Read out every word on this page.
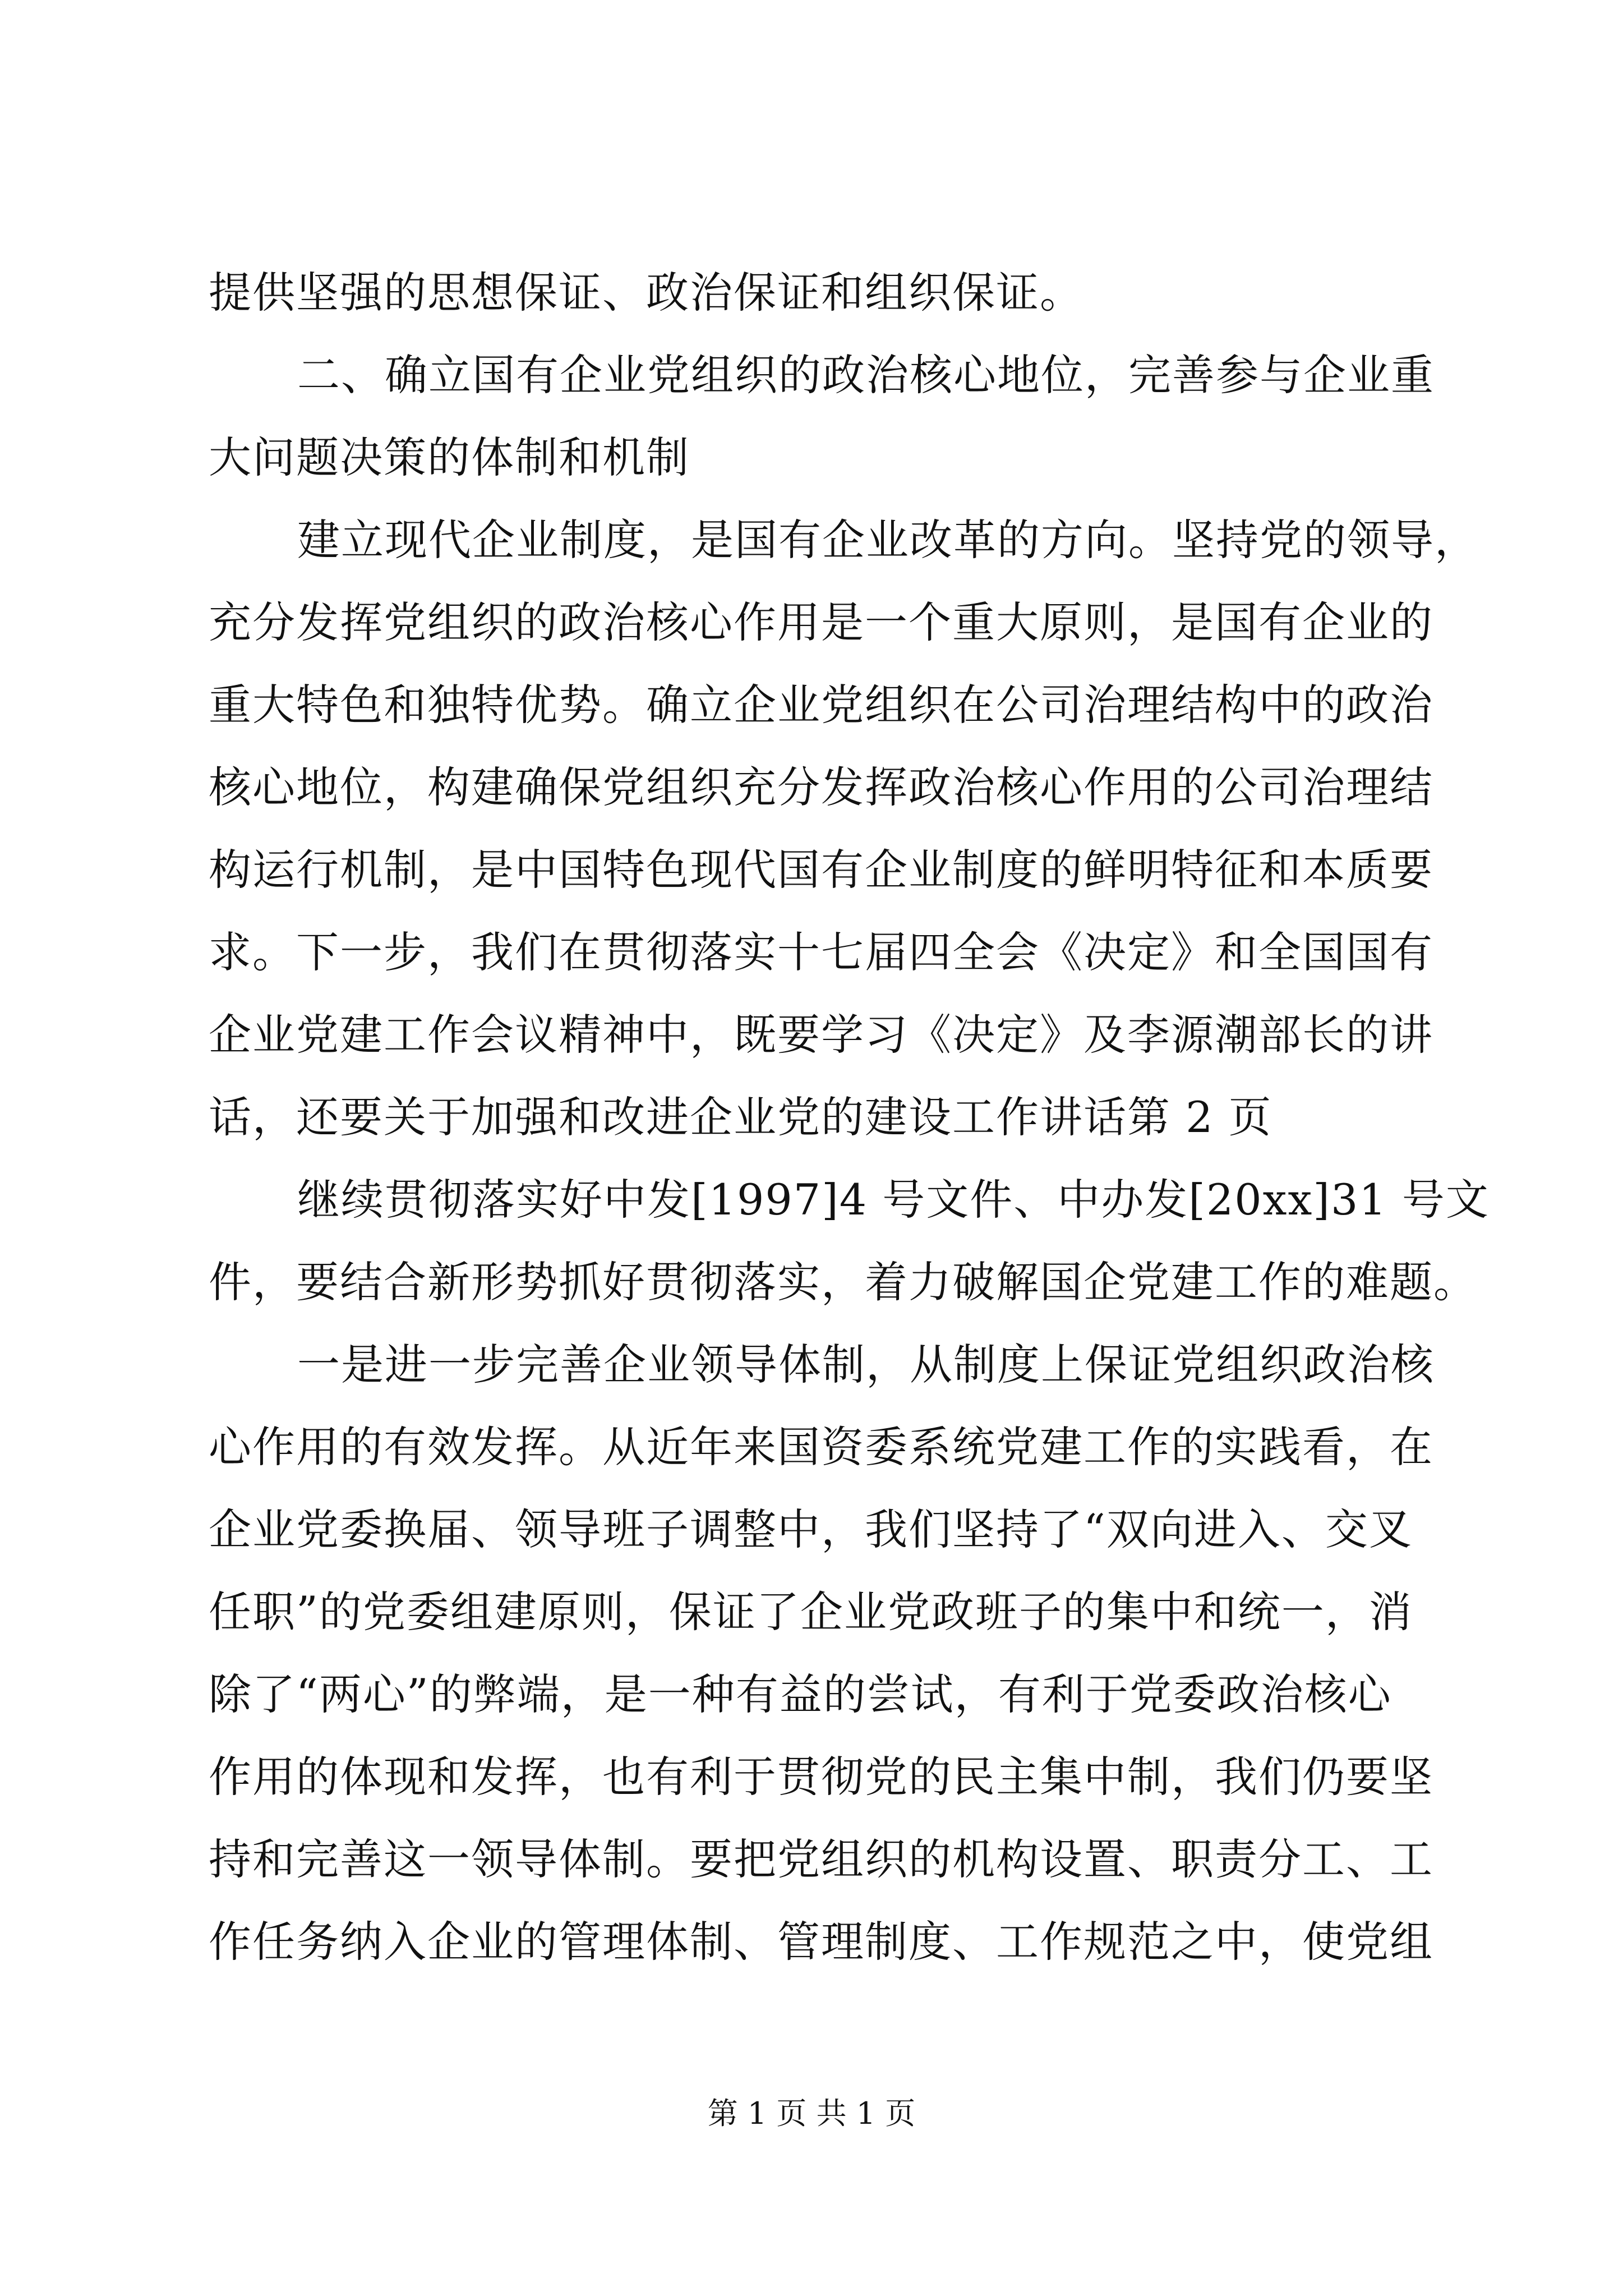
提供坚强的思想保证、政治保证和组织保证。
二、确立国有企业党组织的政治核心地位，完善参与企业重
大问题决策的体制和机制
建立现代企业制度，是国有企业改革的方向。坚持党的领导，
充分发挥党组织的政治核心作用是一个重大原则，是国有企业的
重大特色和独特优势。确立企业党组织在公司治理结构中的政治
核心地位，构建确保党组织充分发挥政治核心作用的公司治理结
构运行机制，是中国特色现代国有企业制度的鲜明特征和本质要
求。下一步，我们在贯彻落实十七届四全会《决定》和全国国有
企业党建工作会议精神中，既要学习《决定》及李源潮部长的讲
话，还要关于加强和改进企业党的建设工作讲话第 2 页
继续贯彻落实好中发[1997]4 号文件、中办发[20xx]31 号文
件，要结合新形势抓好贯彻落实，着力破解国企党建工作的难题。
一是进一步完善企业领导体制，从制度上保证党组织政治核
心作用的有效发挥。从近年来国资委系统党建工作的实践看，在
企业党委换届、领导班子调整中，我们坚持了“双向进入、交叉
任职”的党委组建原则，保证了企业党政班子的集中和统一，消
除了“两心”的弊端，是一种有益的尝试，有利于党委政治核心
作用的体现和发挥，也有利于贯彻党的民主集中制，我们仍要坚
持和完善这一领导体制。要把党组织的机构设置、职责分工、工
作任务纳入企业的管理体制、管理制度、工作规范之中，使党组
第 1 页 共 1 页
